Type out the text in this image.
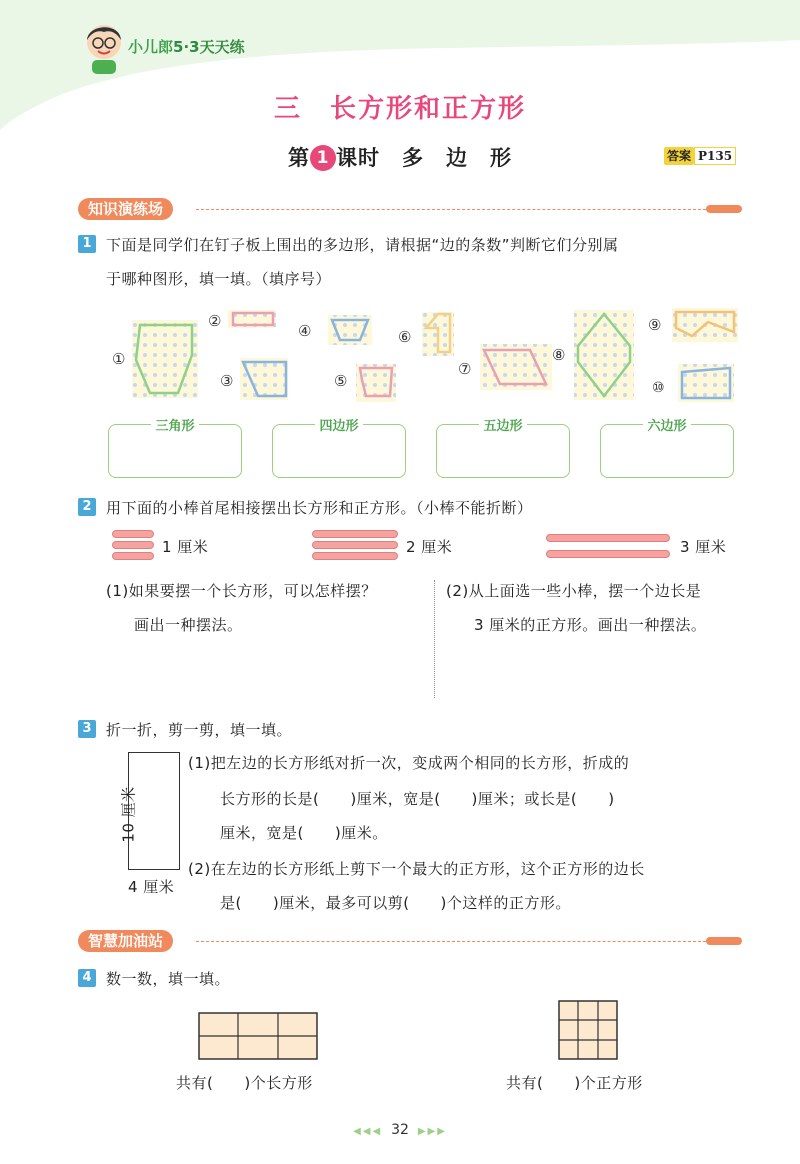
小儿郎5·3天天练
三　长方形和正方形
第 1 课时　多　边　形	答案 P135
知识演练场
1 下面是同学们在钉子板上围出的多边形，请根据“边的条数”判断它们分别属
于哪种图形，填一填。（填序号）
①
②
③
④
⑤
⑥
⑦
⑧
⑨
⑩
三角形	四边形	五边形	六边形
2 用下面的小棒首尾相接摆出长方形和正方形。（小棒不能折断）
1 厘米	2 厘米	3 厘米
(1)如果要摆一个长方形，可以怎样摆？
画出一种摆法。
(2)从上面选一些小棒，摆一个边长是
3 厘米的正方形。画出一种摆法。
3 折一折，剪一剪，填一填。
10 厘米
4 厘米
(1)把左边的长方形纸对折一次，变成两个相同的长方形，折成的
长方形的长是(　　)厘米，宽是(　　)厘米；或长是(　　)
厘米，宽是(　　)厘米。
(2)在左边的长方形纸上剪下一个最大的正方形，这个正方形的边长
是(　　)厘米，最多可以剪(　　)个这样的正方形。
智慧加油站
4 数一数，填一填。
共有(　　)个长方形	共有(　　)个正方形
◀◀◀ 32 ▶▶▶
